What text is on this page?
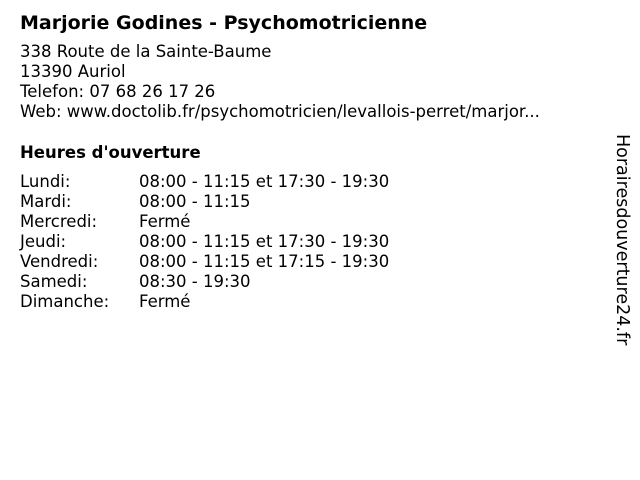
Marjorie Godines - Psychomotricienne
338 Route de la Sainte-Baume
13390 Auriol
Telefon: 07 68 26 17 26
Web: www.doctolib.fr/psychomotricien/levallois-perret/marjor...
Heures d'ouverture
Lundi:	08:00 - 11:15 et 17:30 - 19:30
Mardi:	08:00 - 11:15
Mercredi:	Fermé
Jeudi:	08:00 - 11:15 et 17:30 - 19:30
Vendredi:	08:00 - 11:15 et 17:15 - 19:30
Samedi:	08:30 - 19:30
Dimanche:	Fermé	Horairesdouverture24.fr
